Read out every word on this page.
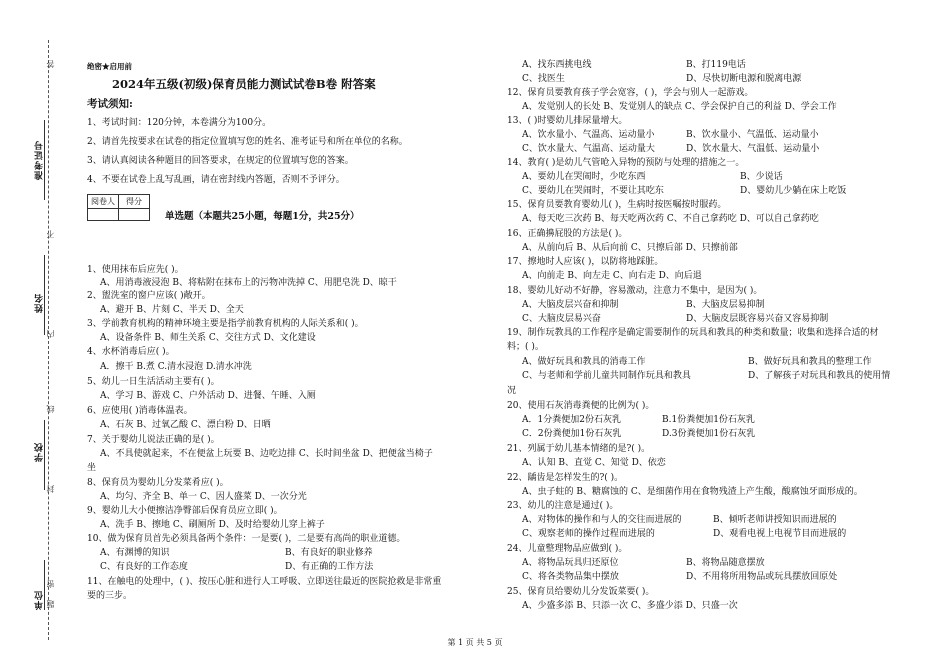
准考证号
姓名
学校
单位
答
不
内
线
封
密
题
绝密★启用前
2024年五级(初级)保育员能力测试试卷B卷 附答案
考试须知:
1、考试时间：120分钟，本卷满分为100分。
2、请首先按要求在试卷的指定位置填写您的姓名、准考证号和所在单位的名称。
3、请认真阅读各种题目的回答要求，在规定的位置填写您的答案。
4、不要在试卷上乱写乱画，请在密封线内答题，否则不予评分。
阅卷人	得分

单选题（本题共25小题，每题1分，共25分）
1、使用抹布后应先( )。
A、用消毒液浸泡 B、将粘附在抹布上的污物冲洗掉 C、用肥皂洗 D、晾干
2、盥洗室的窗户应该( )敞开。
A、避开 B、片刻 C、半天 D、全天
3、学前教育机构的精神环境主要是指学前教育机构的人际关系和( )。
A、设备条件 B、师生关系 C、交往方式 D、文化建设
4、水杯消毒后应( )。
A．擦干 B.煮 C.清水浸泡 D.清水冲洗
5、幼儿一日生活活动主要有( )。
A、学习 B、游戏 C、户外活动 D、进餐、午睡、入厕
6、应使用( )消毒体温表。
A、石灰 B、过氧乙酸 C、漂白粉 D、日晒
7、关于婴幼儿说法正确的是( )。
A、不具使就起来，不在便盆上玩要 B、边吃边排 C、长时间坐盆 D、把便盆当椅子
坐
8、保育员为婴幼儿分发菜肴应( )。
A、均匀、齐全 B、单一 C、因人盛菜 D、一次分光
9、婴幼儿大小便擦洁净臀部后保育员应立即( )。
A、洗手 B、擦地 C、刷厕所 D、及时给婴幼儿穿上裤子
10、做为保育员首先必须具备两个条件：一是要( )，二是要有高尚的职业道德。
A、有渊博的知识	B、有良好的职业修养
C、有良好的工作态度	D、有正确的工作方法
11、在触电的处理中，( )、按压心脏和进行人工呼吸、立即送往最近的医院抢救是非常重
要的三步。
A、找东西挑电线	B、打119电话
C、找医生	D、尽快切断电源和脱离电源
12、保育员要教育孩子学会宽容，( )，学会与别人一起游戏。
A、发觉别人的长处 B、发觉别人的缺点 C、学会保护自己的利益 D、学会工作
13、( )时婴幼儿排尿量增大。
A、饮水量小、气温高、运动量小	B、饮水量小、气温低、运动量小
C、饮水量大、气温高、运动量大	D、饮水量大、气温低、运动量小
14、教育( )是幼儿气管呛入异物的预防与处理的措施之一。
A、要幼儿在哭闹时，少吃东西	B、少说话
C、要幼儿在哭闹时，不要让其吃东	D、婴幼儿少躺在床上吃饭
15、保育员要教育婴幼儿( )，生病时按医嘱按时服药。
A、每天吃三次药 B、每天吃两次药 C、不自己拿药吃 D、可以自己拿药吃
16、正确擤屁股的方法是( )。
A、从前向后 B、从后向前 C、只擦后部 D、只擦前部
17、擦地时人应该( )，以防将地踩脏。
A、向前走 B、向左走 C、向右走 D、向后退
18、婴幼儿好动不好静，容易激动，注意力不集中，是因为( )。
A、大脑皮层兴奋和抑制	B、大脑皮层易抑制
C、大脑皮层易兴奋	D、大脑皮层既容易兴奋又容易抑制
19、制作玩教具的工作程序是确定需要制作的玩具和教具的种类和数量；收集和选择合适的材
料；( )。
A、做好玩具和教具的消毒工作	B、做好玩具和教具的整理工作
C、与老师和学前儿童共同制作玩具和教具	D、了解孩子对玩具和教具的使用情
况
20、使用石灰消毒粪便的比例为( )。
A．1分粪便加2份石灰乳	B.1份粪便加1份石灰乳
C．2份粪便加1份石灰乳	D.3份粪便加1份石灰乳
21、列属于幼儿基本情绪的是?( )。
A、认知 B、直觉 C、知觉 D、依恋
22、龋齿是怎样发生的?( )。
A、虫子蛀的 B、糖腐蚀的 C、是细菌作用在食物残渣上产生酸，酸腐蚀牙面形成的。
23、幼儿的注意是通过( )。
A、对物体的操作和与人的交往而进展的	B、倾听老师讲授知识而进展的
C、观察老师的操作过程而进展的	D、观看电视上电视节目而进展的
24、儿童整理物品应做到( )。
A、将物品玩具归还原位	B、将物品随意摆放
C、将各类物品集中摆放	D、不用将所用物品或玩具摆放回原处
25、保育员给婴幼儿分发饭菜要( )。
A、少盛多添 B、只添一次 C、多盛少添 D、只盛一次
第 1 页 共 5 页
